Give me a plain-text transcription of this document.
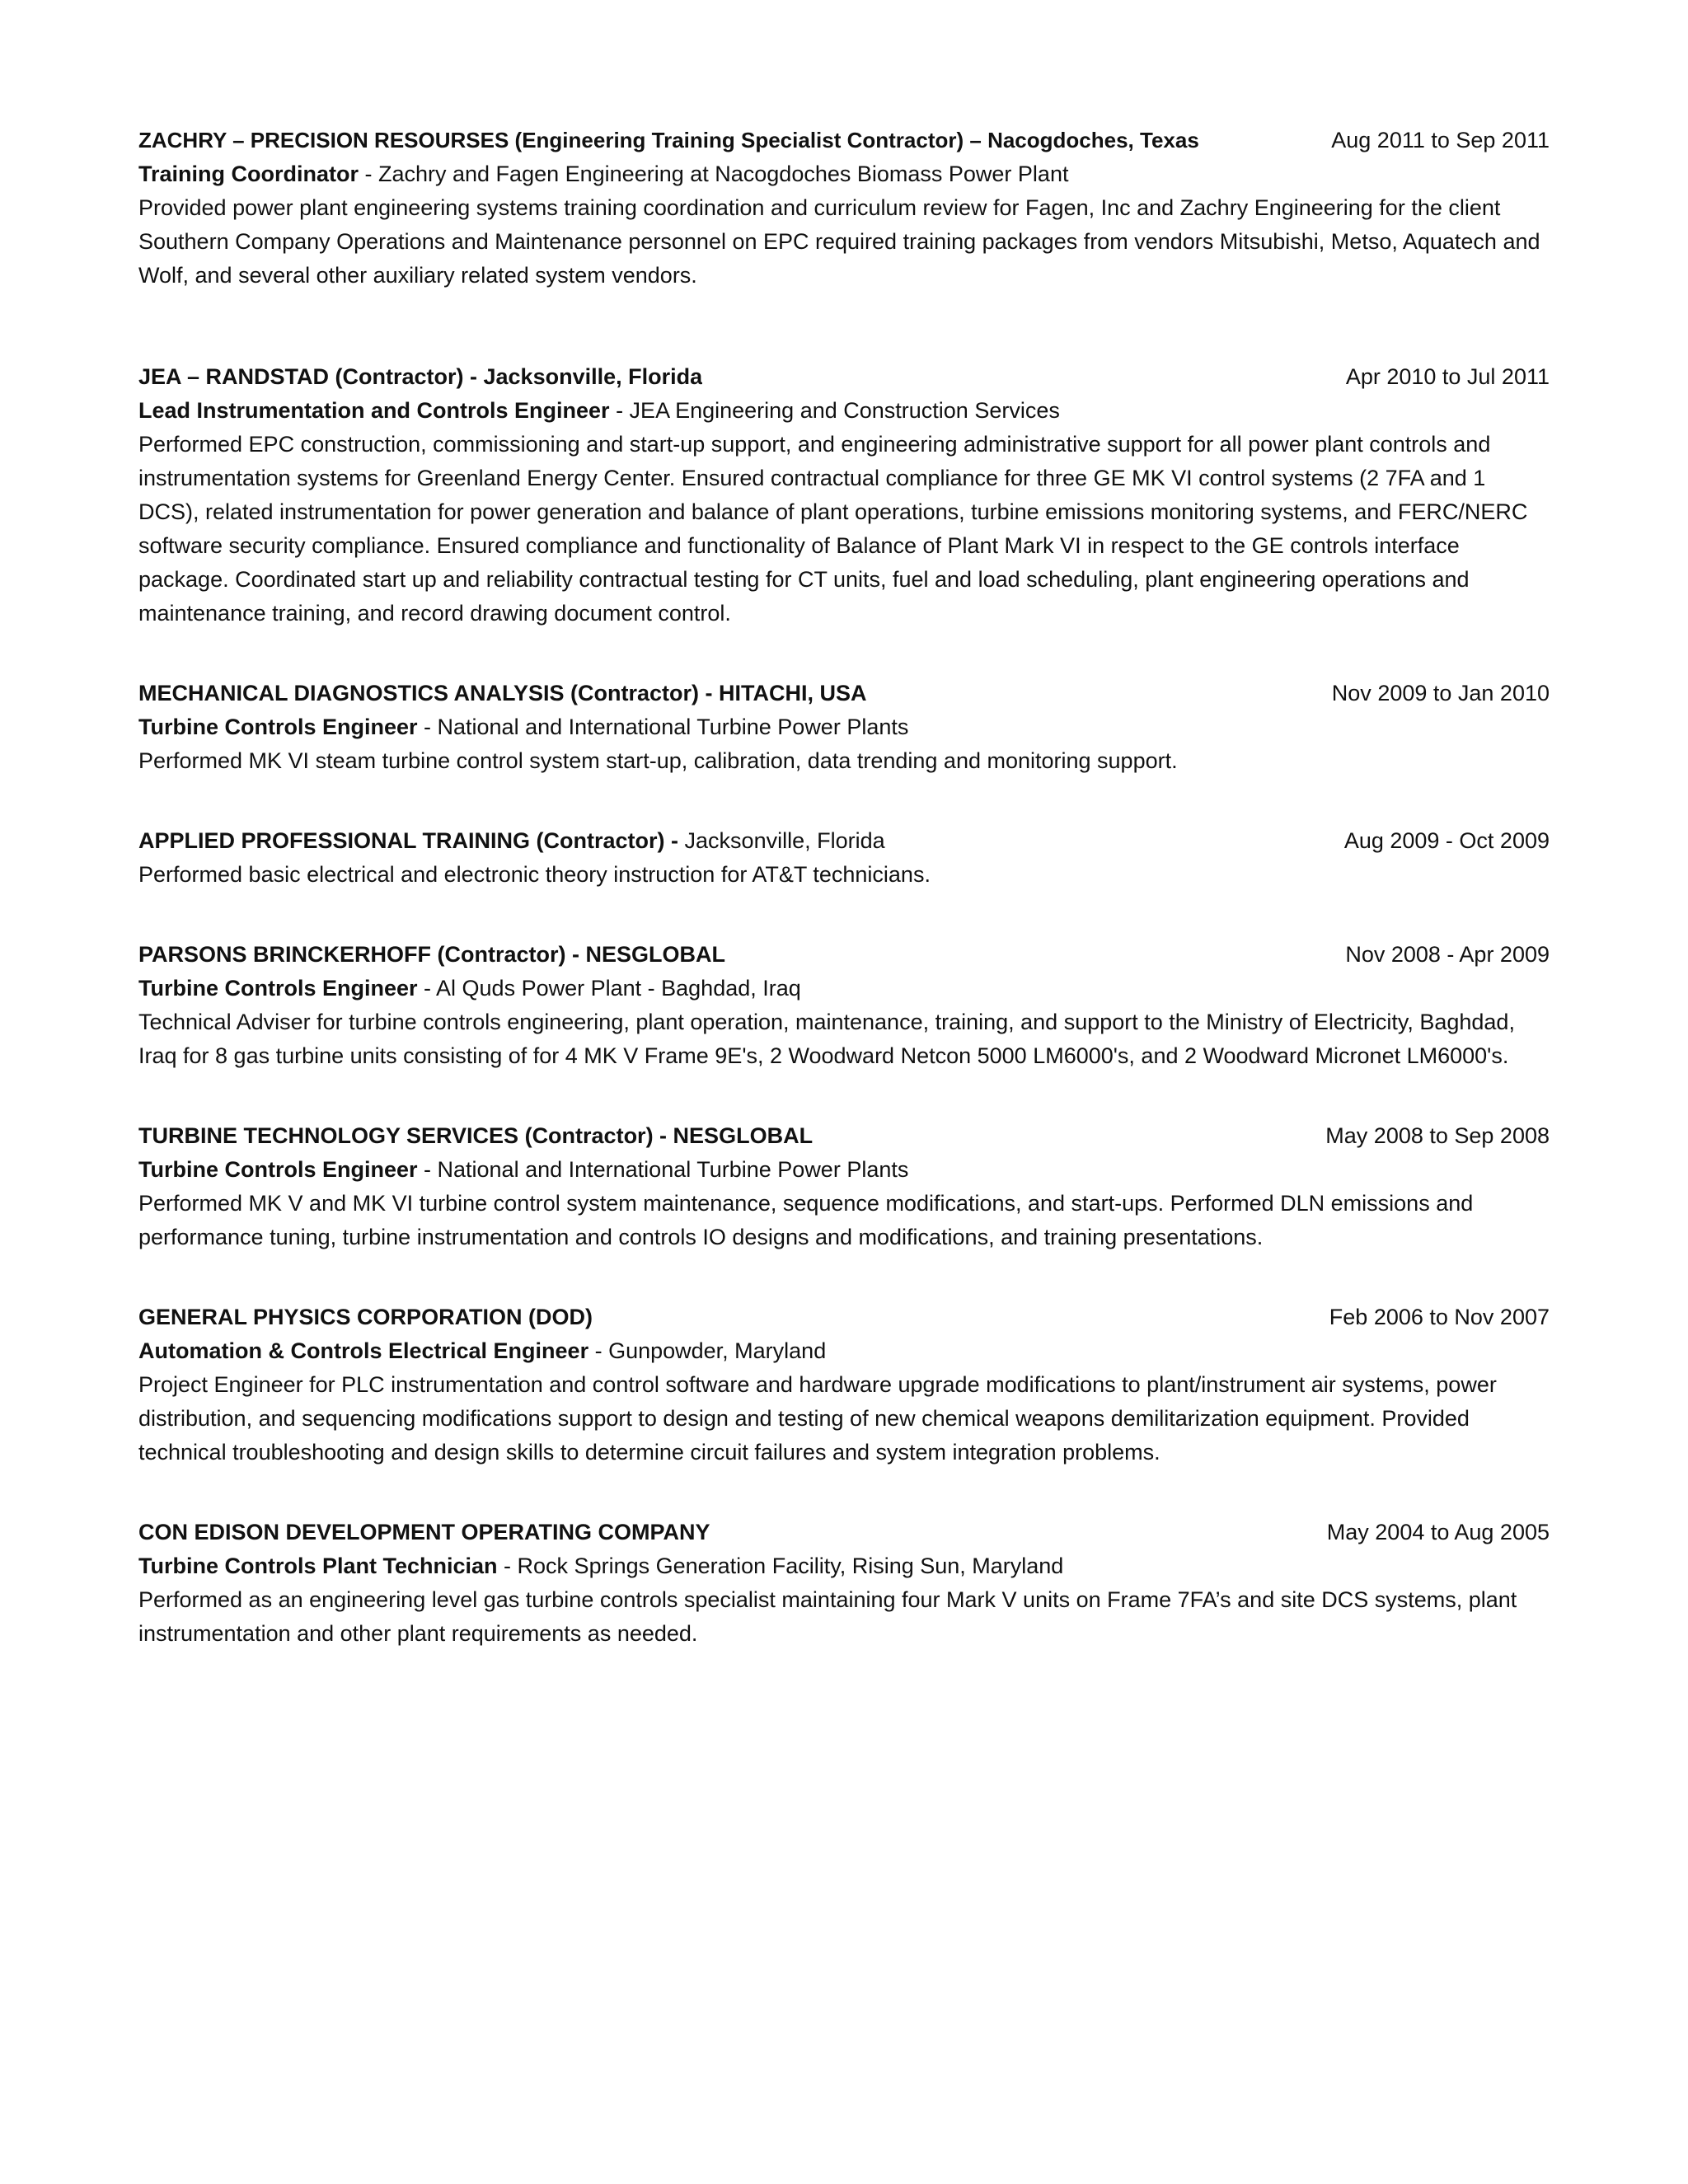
ZACHRY – PRECISION RESOURSES (Engineering Training Specialist Contractor) – Nacogdoches, Texas	Aug 2011 to Sep 2011
Training Coordinator - Zachry and Fagen Engineering at Nacogdoches Biomass Power Plant

Provided power plant engineering systems training coordination and curriculum review for Fagen, Inc and Zachry Engineering for the client Southern Company Operations and Maintenance personnel on EPC required training packages from vendors Mitsubishi, Metso, Aquatech and Wolf, and several other auxiliary related system vendors.

JEA – RANDSTAD (Contractor) - Jacksonville, Florida	Apr 2010 to Jul 2011
Lead Instrumentation and Controls Engineer - JEA Engineering and Construction Services

Performed EPC construction, commissioning and start-up support, and engineering administrative support for all power plant controls and instrumentation systems for Greenland Energy Center. Ensured contractual compliance for three GE MK VI control systems (2 7FA and 1 DCS), related instrumentation for power generation and balance of plant operations, turbine emissions monitoring systems, and FERC/NERC software security compliance. Ensured compliance and functionality of Balance of Plant Mark VI in respect to the GE controls interface package. Coordinated start up and reliability contractual testing for CT units, fuel and load scheduling, plant engineering operations and maintenance training, and record drawing document control.

MECHANICAL DIAGNOSTICS ANALYSIS (Contractor) - HITACHI, USA	Nov 2009 to Jan 2010
Turbine Controls Engineer - National and International Turbine Power Plants

Performed MK VI steam turbine control system start-up, calibration, data trending and monitoring support.

APPLIED PROFESSIONAL TRAINING (Contractor) - Jacksonville, Florida	Aug 2009 - Oct 2009

Performed basic electrical and electronic theory instruction for AT&T technicians.

PARSONS BRINCKERHOFF (Contractor) - NESGLOBAL	Nov 2008 - Apr 2009
Turbine Controls Engineer - Al Quds Power Plant - Baghdad, Iraq

Technical Adviser for turbine controls engineering, plant operation, maintenance, training, and support to the Ministry of Electricity, Baghdad, Iraq for 8 gas turbine units consisting of for 4 MK V Frame 9E's, 2 Woodward Netcon 5000 LM6000's, and 2 Woodward Micronet LM6000's.

TURBINE TECHNOLOGY SERVICES (Contractor) - NESGLOBAL	May 2008 to Sep 2008
Turbine Controls Engineer - National and International Turbine Power Plants

Performed MK V and MK VI turbine control system maintenance, sequence modifications, and start-ups. Performed DLN emissions and performance tuning, turbine instrumentation and controls IO designs and modifications, and training presentations.

GENERAL PHYSICS CORPORATION (DOD)	Feb 2006 to Nov 2007
Automation & Controls Electrical Engineer - Gunpowder, Maryland

Project Engineer for PLC instrumentation and control software and hardware upgrade modifications to plant/instrument air systems, power distribution, and sequencing modifications support to design and testing of new chemical weapons demilitarization equipment. Provided technical troubleshooting and design skills to determine circuit failures and system integration problems.

CON EDISON DEVELOPMENT OPERATING COMPANY	May 2004 to Aug 2005
Turbine Controls Plant Technician - Rock Springs Generation Facility, Rising Sun, Maryland

Performed as an engineering level gas turbine controls specialist maintaining four Mark V units on Frame 7FA’s and site DCS systems, plant instrumentation and other plant requirements as needed.
